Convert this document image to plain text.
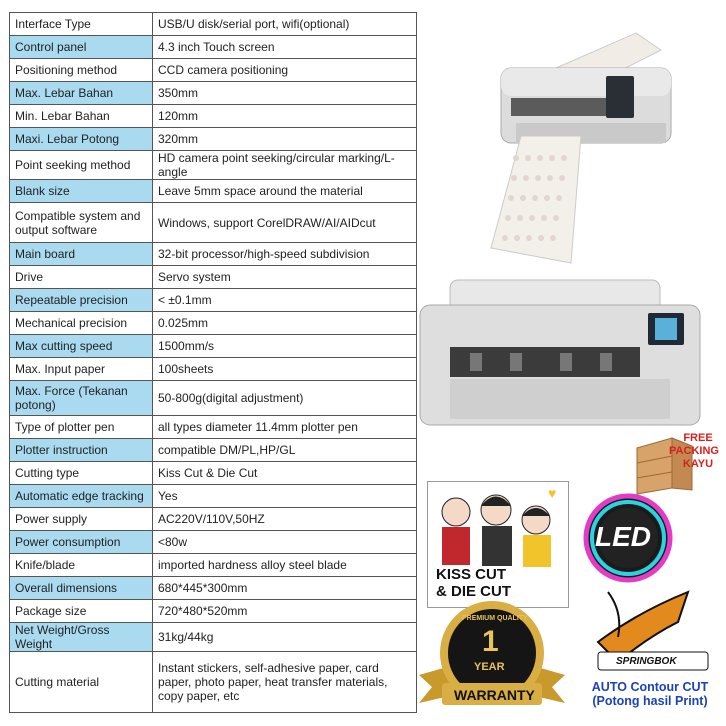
Interface Type	USB/U disk/serial port, wifi(optional)
Control panel	4.3 inch Touch screen
Positioning method	CCD camera positioning
Max. Lebar Bahan	350mm
Min. Lebar Bahan	120mm
Maxi. Lebar Potong	320mm
Point seeking method	HD camera point seeking/circular marking/L-angle
Blank size	Leave 5mm space around the material
Compatible system and output software	Windows, support CorelDRAW/AI/AIDcut
Main board	32-bit processor/high-speed subdivision
Drive	Servo system
Repeatable precision	< ±0.1mm
Mechanical precision	0.025mm
Max cutting speed	1500mm/s
Max. Input paper	100sheets
Max. Force (Tekanan potong)	50-800g(digital adjustment)
Type of plotter pen	all types diameter 11.4mm plotter pen
Plotter instruction	compatible DM/PL,HP/GL
Cutting type	Kiss Cut & Die Cut
Automatic edge tracking	Yes
Power supply	AC220V/110V,50HZ
Power consumption	<80w
Knife/blade	imported hardness alloy steel blade
Overall dimensions	680*445*300mm
Package size	720*480*520mm
Net Weight/Gross Weight	31kg/44kg
Cutting material	Instant stickers, self-adhesive paper, card paper, photo paper, heat transfer materials, copy paper, etc
FREE
PACKING
KAYU
♥
KISS CUT
& DIE CUT
LED
PREMIUM QUALITY
1
YEAR
WARRANTY
SPRINGBOK
AUTO Contour CUT
(Potong hasil Print)
